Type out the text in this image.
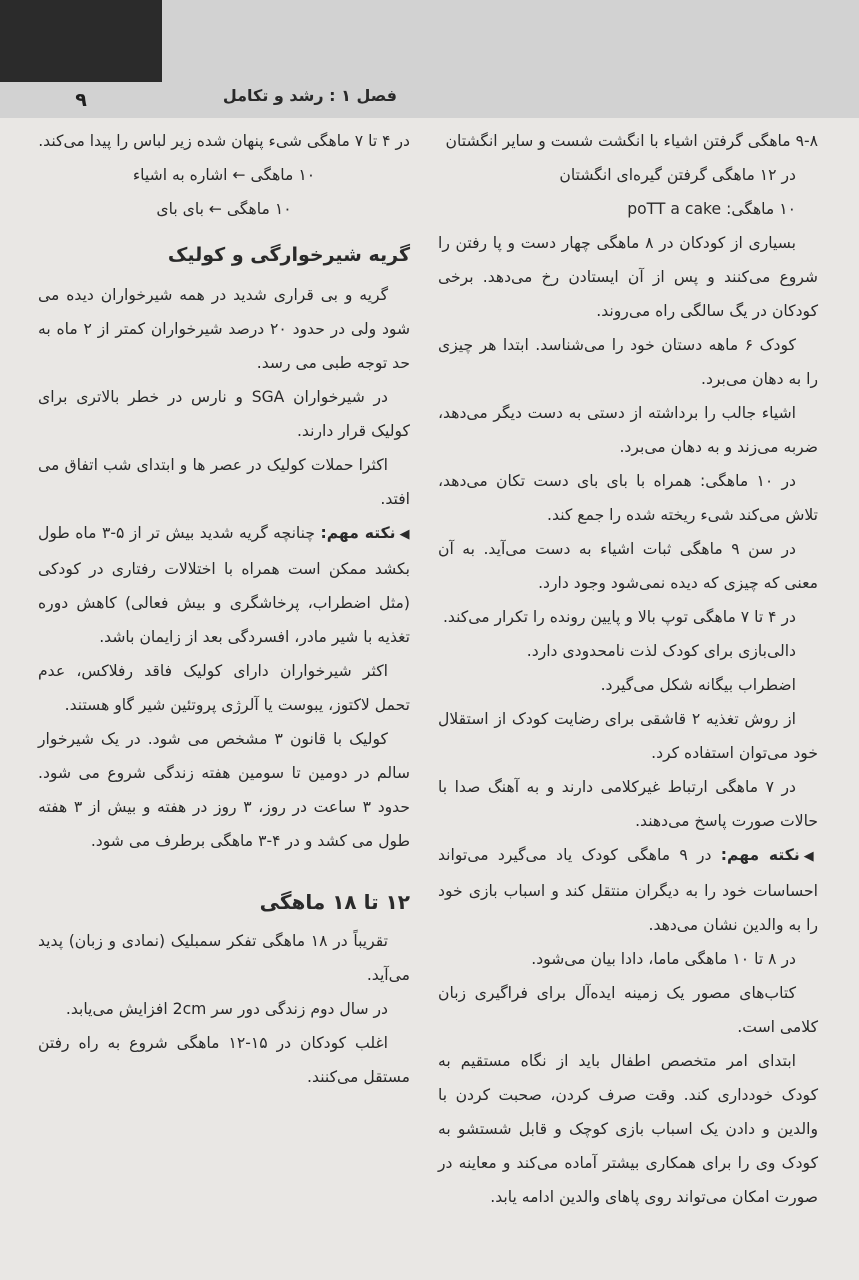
۹	فصل ۱ : رشد و تکامل

۹-۸ ماهگی گرفتن اشیاء با انگشت شست و سایر انگشتان

در ۱۲ ماهگی گرفتن گیره‌ای انگشتان

۱۰ ماهگی: poTT a cake

بسیاری از کودکان در ۸ ماهگی چهار دست و پا رفتن را شروع می‌کنند و پس از آن ایستادن رخ می‌دهد. برخی کودکان در یگ سالگی راه می‌روند.

کودک ۶ ماهه دستان خود را می‌شناسد. ابتدا هر چیزی را به دهان می‌برد.

اشیاء جالب را برداشته از دستی به دست دیگر می‌دهد، ضربه می‌زند و به دهان می‌برد.

در ۱۰ ماهگی: همراه با بای بای دست تکان می‌دهد، تلاش می‌کند شیء ریخته شده را جمع کند.

در سن ۹ ماهگی ثبات اشیاء به دست می‌آید. به آن معنی که چیزی که دیده نمی‌شود وجود دارد.

در ۴ تا ۷ ماهگی توپ بالا و پایین رونده را تکرار می‌کند.

دالی‌بازی برای کودک لذت نامحدودی دارد.

اضطراب بیگانه شکل می‌گیرد.

از روش تغذیه ۲ قاشقی برای رضایت کودک از استقلال خود می‌توان استفاده کرد.

در ۷ ماهگی ارتباط غیرکلامی دارند و به آهنگ صدا با حالات صورت پاسخ می‌دهند.

◀نکته مهم: در ۹ ماهگی کودک یاد می‌گیرد می‌تواند احساسات خود را به دیگران منتقل کند و اسباب بازی خود را به والدین نشان می‌دهد.

در ۸ تا ۱۰ ماهگی ماما، دادا بیان می‌شود.

کتاب‌های مصور یک زمینه ایده‌آل برای فراگیری زبان کلامی است.

ابتدای امر متخصص اطفال باید از نگاه مستقیم به کودک خودداری کند. وقت صرف کردن، صحبت کردن با والدین و دادن یک اسباب بازی کوچک و قابل شستشو به کودک وی را برای همکاری بیشتر آماده می‌کند و معاینه در صورت امکان می‌تواند روی پاهای والدین ادامه یابد.

در ۴ تا ۷ ماهگی شیء پنهان شده زیر لباس را پیدا می‌کند.

۱۰ ماهگی ← اشاره به اشیاء

۱۰ ماهگی ← بای بای

گریه شیرخوارگی و کولیک

گریه و بی قراری شدید در همه شیرخواران دیده می شود ولی در حدود ۲۰ درصد شیرخواران کمتر از ۲ ماه به حد توجه طبی می رسد.

در شیرخواران SGA و نارس در خطر بالاتری برای کولیک قرار دارند.

اکثرا حملات کولیک در عصر ها و ابتدای شب اتفاق می افتد.

◀نکته مهم: چنانچه گریه شدید بیش تر از ۵-۳ ماه طول بکشد ممکن است همراه با اختلالات رفتاری در کودکی (مثل اضطراب، پرخاشگری و بیش فعالی) کاهش دوره تغذیه با شیر مادر، افسردگی بعد از زایمان باشد.

اکثر شیرخواران دارای کولیک فاقد رفلاکس، عدم تحمل لاکتوز، یبوست یا آلرژی پروتئین شیر گاو هستند.

کولیک با قانون ۳ مشخص می شود. در یک شیرخوار سالم در دومین تا سومین هفته زندگی شروع می شود. حدود ۳ ساعت در روز، ۳ روز در هفته و بیش از ۳ هفته طول می کشد و در ۴-۳ ماهگی برطرف می شود.

۱۲ تا ۱۸ ماهگی

تقریباً در ۱۸ ماهگی تفکر سمبلیک (نمادی و زبان) پدید می‌آید.

در سال دوم زندگی دور سر 2cm افزایش می‌یابد.

اغلب کودکان در ۱۵-۱۲ ماهگی شروع به راه رفتن مستقل می‌کنند.
